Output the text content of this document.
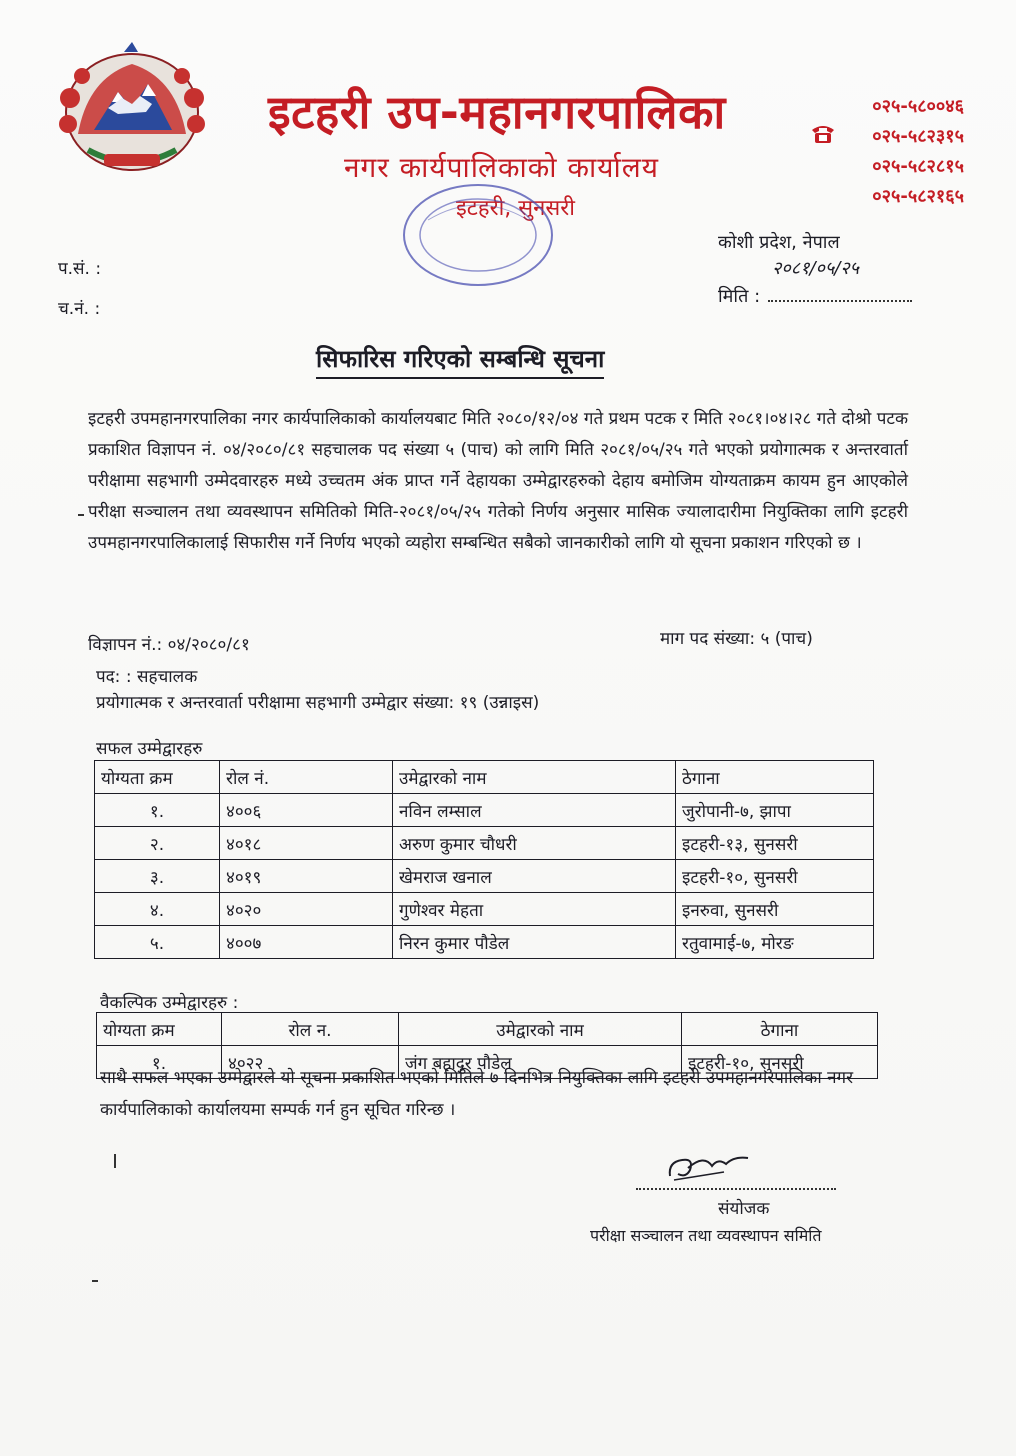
इटहरी उप-महानगरपालिका
नगर कार्यपालिकाको कार्यालय
इटहरी, सुनसरी
०२५-५८००४६
०२५-५८२३१५
०२५-५८२८१५
०२५-५८२१६५
कोशी प्रदेश, नेपाल
२०८१/०५/२५
मिति :
प.सं. :
च.नं. :
सिफारिस गरिएको सम्बन्धि सूचना
इटहरी उपमहानगरपालिका नगर कार्यपालिकाको कार्यालयबाट मिति २०८०/१२/०४ गते प्रथम पटक र मिति २०८१।०४।२८ गते दोश्रो पटक प्रकाशित विज्ञापन नं. ०४/२०८०/८१ सहचालक पद संख्या ५ (पाच) को लागि मिति २०८१/०५/२५ गते भएको प्रयोगात्मक र अन्तरवार्ता परीक्षामा सहभागी उम्मेदवारहरु मध्ये उच्चतम अंक प्राप्त गर्ने देहायका उम्मेद्वारहरुको देहाय बमोजिम योग्यताक्रम कायम हुन आएकोले परीक्षा सञ्चालन तथा व्यवस्थापन समितिको मिति-२०८१/०५/२५ गतेको निर्णय अनुसार मासिक ज्यालादारीमा नियुक्तिका लागि इटहरी उपमहानगरपालिकालाई सिफारीस गर्ने निर्णय भएको व्यहोरा सम्बन्धित सबैको जानकारीको लागि यो सूचना प्रकाशन गरिएको छ ।
विज्ञापन नं.: ०४/२०८०/८१	माग पद संख्या: ५ (पाच)
पद: : सहचालक
प्रयोगात्मक र अन्तरवार्ता परीक्षामा सहभागी उम्मेद्वार संख्या: १९ (उन्नाइस)
सफल उम्मेद्वारहरु
योग्यता क्रम	रोल नं.	उमेद्वारको नाम	ठेगाना
१.	४००६	नविन लम्साल	जुरोपानी-७, झापा
२.	४०१८	अरुण कुमार चौधरी	इटहरी-१३, सुनसरी
३.	४०१९	खेमराज खनाल	इटहरी-१०, सुनसरी
४.	४०२०	गुणेश्वर मेहता	इनरुवा, सुनसरी
५.	४००७	निरन कुमार पौडेल	रतुवामाई-७, मोरङ
वैकल्पिक उम्मेद्वारहरु :
योग्यता क्रम	रोल न.	उमेद्वारको नाम	ठेगाना
१.	४०२२	जंग बहादुर पौडेल	इटहरी-१०, सुनसरी
साथै सफल भएका उम्मेद्वारले यो सूचना प्रकाशित भएको मितिले ७ दिनभित्र नियुक्तिका लागि इटहरी उपमहानगरपालिका नगर कार्यपालिकाको कार्यालयमा सम्पर्क गर्न हुन सूचित गरिन्छ ।
संयोजक
परीक्षा सञ्चालन तथा व्यवस्थापन समिति
